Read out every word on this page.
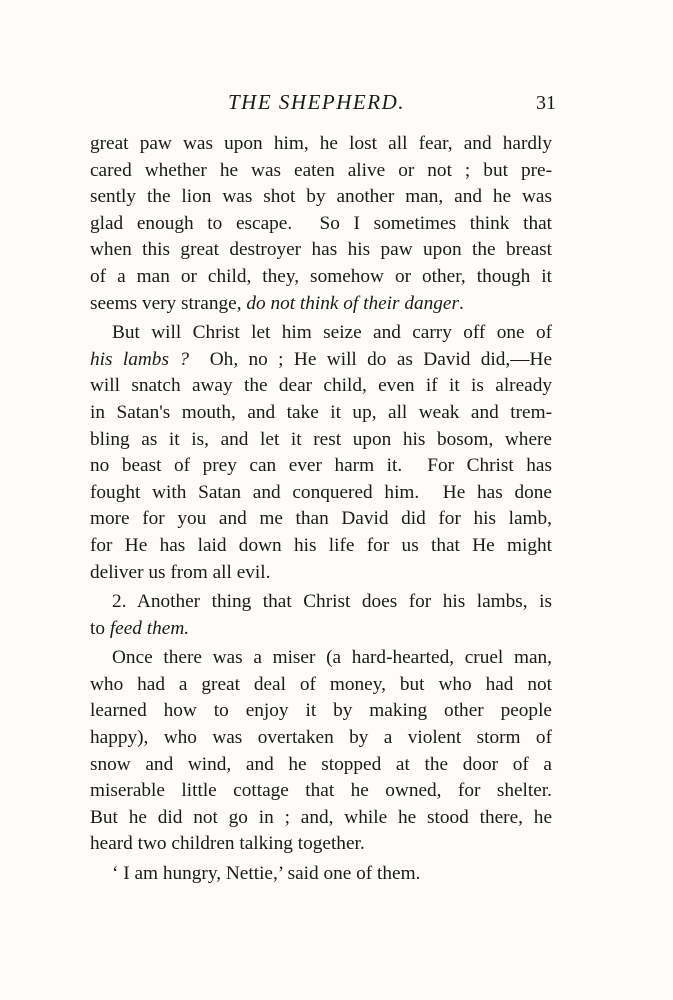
THE SHEPHERD.	31

great paw was upon him, he lost all fear, and hardly
cared whether he was eaten alive or not ; but pre-
sently the lion was shot by another man, and he was
glad enough to escape.  So I sometimes think that
when this great destroyer has his paw upon the breast
of a man or child, they, somehow or other, though it
seems very strange, do not think of their danger.

But will Christ let him seize and carry off one of
his lambs ?  Oh, no ; He will do as David did,—He
will snatch away the dear child, even if it is already
in Satan's mouth, and take it up, all weak and trem-
bling as it is, and let it rest upon his bosom, where
no beast of prey can ever harm it.  For Christ has
fought with Satan and conquered him.  He has done
more for you and me than David did for his lamb,
for He has laid down his life for us that He might
deliver us from all evil.

2. Another thing that Christ does for his lambs, is
to feed them.

Once there was a miser (a hard-hearted, cruel man,
who had a great deal of money, but who had not
learned how to enjoy it by making other people
happy), who was overtaken by a violent storm of
snow and wind, and he stopped at the door of a
miserable little cottage that he owned, for shelter.
But he did not go in ; and, while he stood there, he
heard two children talking together.

‘ I am hungry, Nettie,’ said one of them.
